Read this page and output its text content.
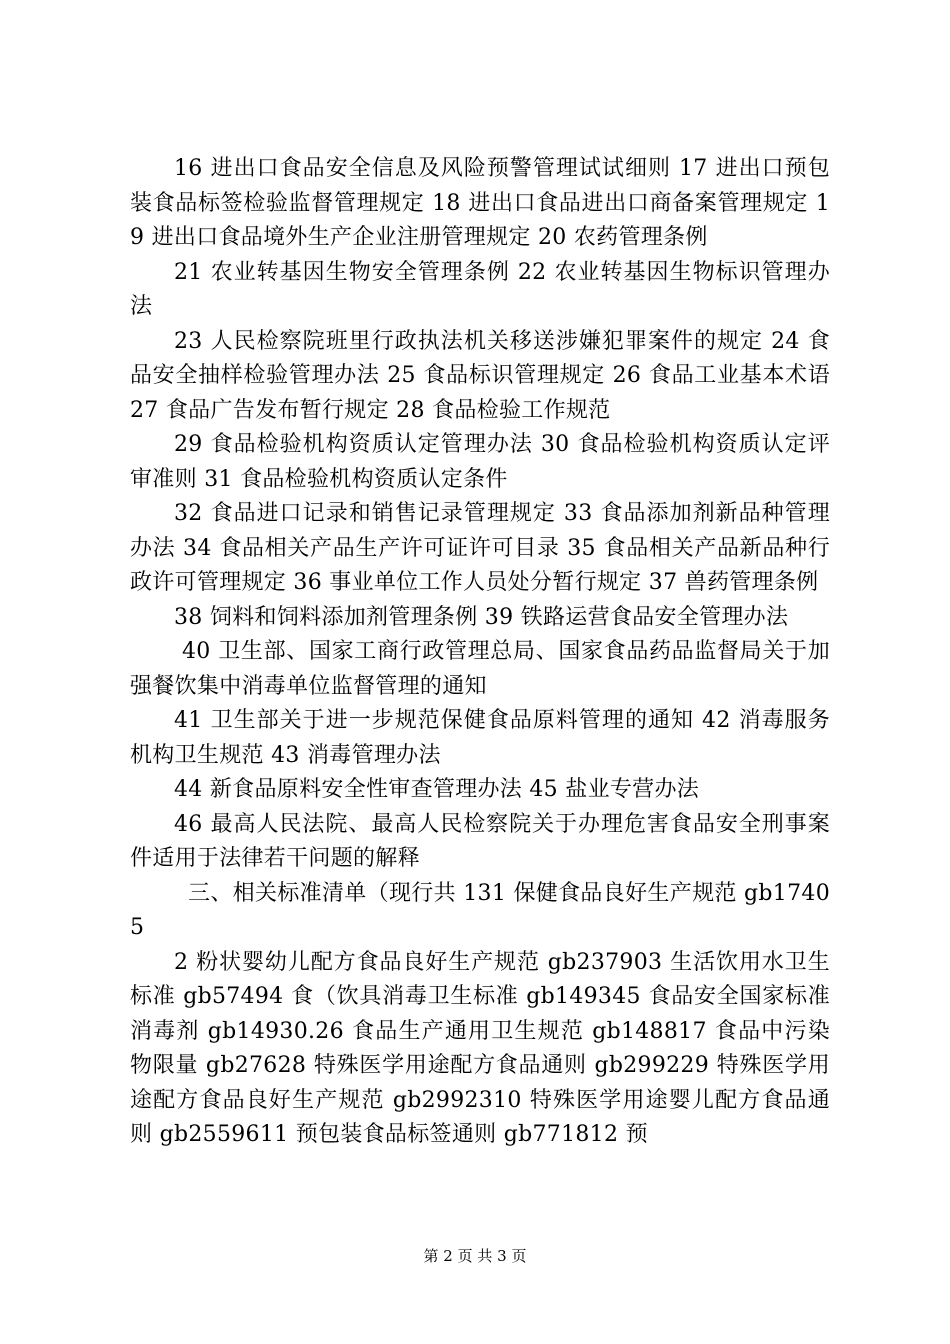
16 进出口食品安全信息及风险预警管理试试细则 17 进出口预包装食品标签检验监督管理规定 18 进出口食品进出口商备案管理规定 19 进出口食品境外生产企业注册管理规定 20 农药管理条例

21 农业转基因生物安全管理条例 22 农业转基因生物标识管理办法

23 人民检察院班里行政执法机关移送涉嫌犯罪案件的规定 24 食品安全抽样检验管理办法 25 食品标识管理规定 26 食品工业基本术语 27 食品广告发布暂行规定 28 食品检验工作规范

29 食品检验机构资质认定管理办法 30 食品检验机构资质认定评审准则 31 食品检验机构资质认定条件

32 食品进口记录和销售记录管理规定 33 食品添加剂新品种管理办法 34 食品相关产品生产许可证许可目录 35 食品相关产品新品种行政许可管理规定 36 事业单位工作人员处分暂行规定 37 兽药管理条例

38 饲料和饲料添加剂管理条例 39 铁路运营食品安全管理办法

40 卫生部、国家工商行政管理总局、国家食品药品监督局关于加强餐饮集中消毒单位监督管理的通知

41 卫生部关于进一步规范保健食品原料管理的通知 42 消毒服务机构卫生规范 43 消毒管理办法

44 新食品原料安全性审查管理办法 45 盐业专营办法

46 最高人民法院、最高人民检察院关于办理危害食品安全刑事案件适用于法律若干问题的解释

三、相关标准清单（现行共 131 保健食品良好生产规范 gb17405

2 粉状婴幼儿配方食品良好生产规范 gb237903 生活饮用水卫生标准 gb57494 食（饮具消毒卫生标准 gb149345 食品安全国家标准消毒剂 gb14930.26 食品生产通用卫生规范 gb148817 食品中污染物限量 gb27628 特殊医学用途配方食品通则 gb299229 特殊医学用途配方食品良好生产规范 gb2992310 特殊医学用途婴儿配方食品通则 gb2559611 预包装食品标签通则 gb771812 预

第 2 页 共 3 页
